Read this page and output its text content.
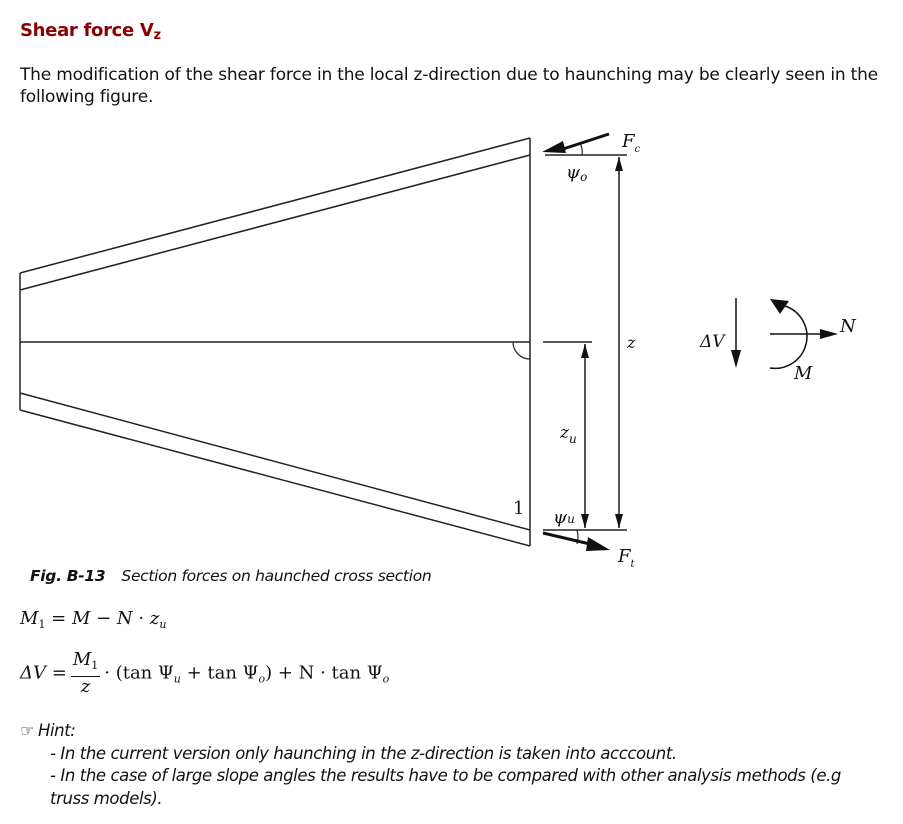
Shear force $V_z$
The modification of the shear force in the local z-direction due to haunching may be clearly seen in the
following figure.
$F_c$
ψo
z
$z_u$
ψu
$F_t$
ΔV
N
M
1
Fig. B-13 Section forces on haunched cross section
$M_1 = M - N \cdot z_u$
$\Delta V = \frac{M_1}{z} \cdot (\tan$ $\Psi_u + \tan \Psi_o) + N \cdot \tan \Psi_o$
☞ Hint:
- In the current version only haunching in the z-direction is taken into acccount.
- In the case of large slope angles the results have to be compared with other analysis methods (e.g
truss models).
